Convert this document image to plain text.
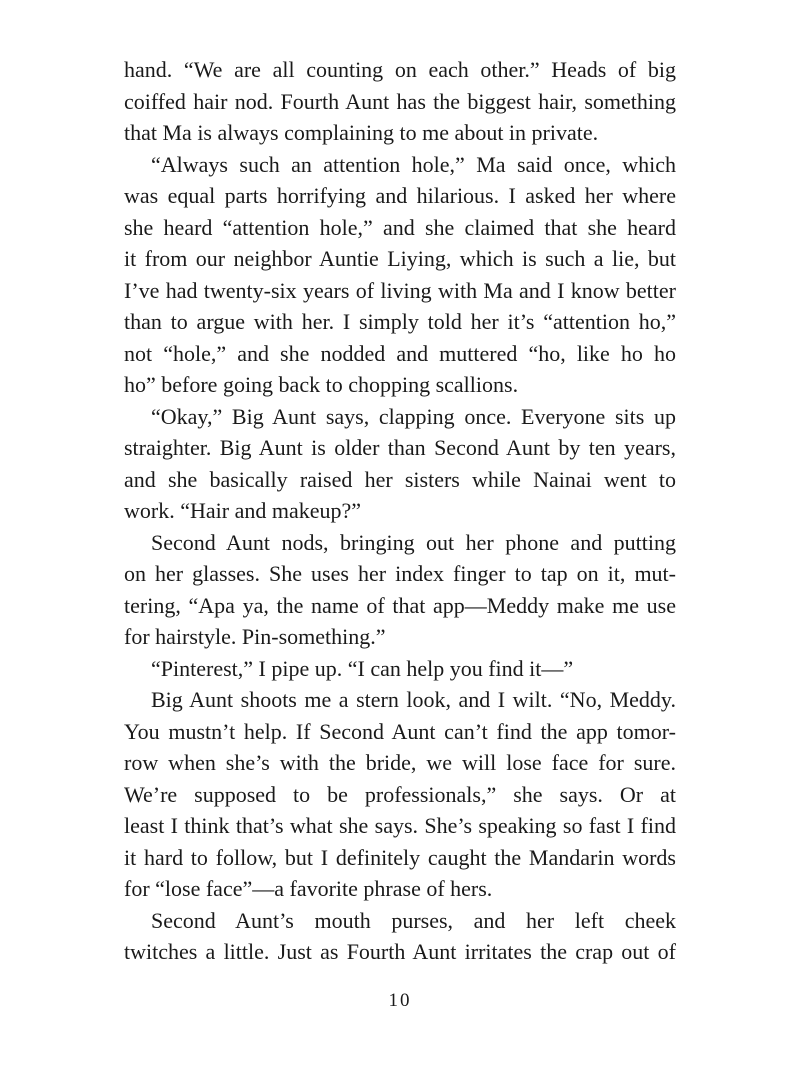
hand. “We are all counting on each other.” Heads of big
coiffed hair nod. Fourth Aunt has the biggest hair, something
that Ma is always complaining to me about in private.
“Always such an attention hole,” Ma said once, which
was equal parts horrifying and hilarious. I asked her where
she heard “attention hole,” and she claimed that she heard
it from our neighbor Auntie Liying, which is such a lie, but
I’ve had twenty-six years of living with Ma and I know better
than to argue with her. I simply told her it’s “attention ho,”
not “hole,” and she nodded and muttered “ho, like ho ho
ho” before going back to chopping scallions.
“Okay,” Big Aunt says, clapping once. Everyone sits up
straighter. Big Aunt is older than Second Aunt by ten years,
and she basically raised her sisters while Nainai went to
work. “Hair and makeup?”
Second Aunt nods, bringing out her phone and putting
on her glasses. She uses her index finger to tap on it, mut-
tering, “Apa ya, the name of that app—Meddy make me use
for hairstyle. Pin-something.”
“Pinterest,” I pipe up. “I can help you find it—”
Big Aunt shoots me a stern look, and I wilt. “No, Meddy.
You mustn’t help. If Second Aunt can’t find the app tomor-
row when she’s with the bride, we will lose face for sure.
We’re supposed to be professionals,” she says. Or at
least I think that’s what she says. She’s speaking so fast I find
it hard to follow, but I definitely caught the Mandarin words
for “lose face”—a favorite phrase of hers.
Second Aunt’s mouth purses, and her left cheek
twitches a little. Just as Fourth Aunt irritates the crap out of
10
